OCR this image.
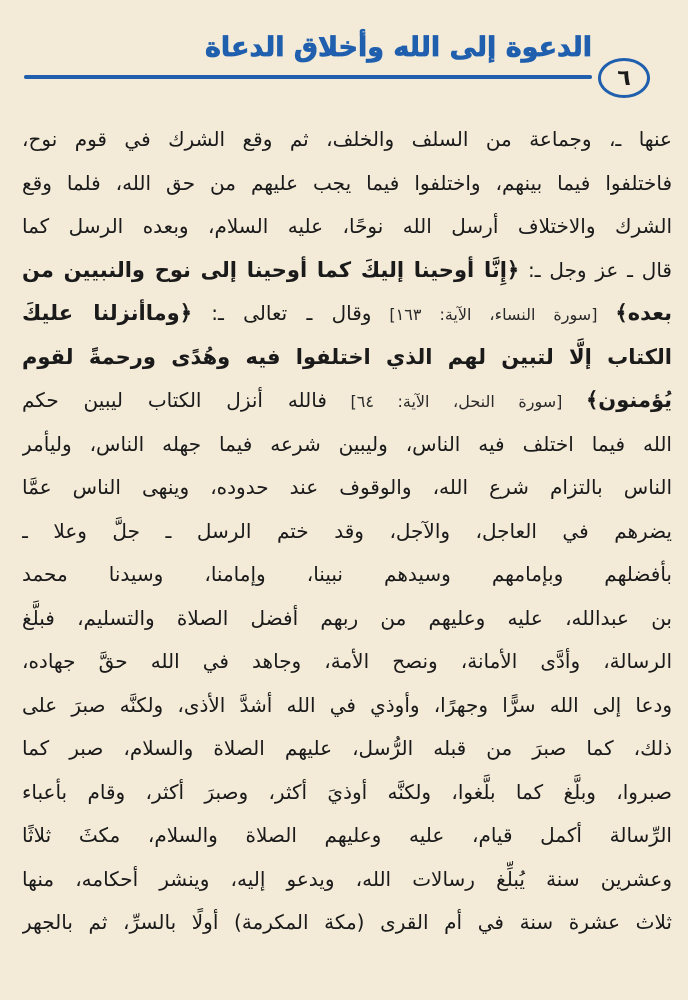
الدعوة إلى الله وأخلاق الدعاة
٦
عنها ـ، وجماعة من السلف والخلف، ثم وقع الشرك في قوم نوح،
فاختلفوا فيما بينهم، واختلفوا فيما يجب عليهم من حق الله، فلما وقع
الشرك والاختلاف أرسل الله نوحًا، عليه السلام، وبعده الرسل كما
قال ـ عز وجل ـ: ﴿إِنَّا أوحينا إليكَ كما أوحينا إلى نوح والنبيين من
بعده﴾ [سورة النساء، الآية: ١٦٣] وقال ـ تعالى ـ: ﴿وماأنزلنا عليكَ
الكتاب إلَّا لتبين لهم الذي اختلفوا فيه وهُدًى ورحمةً لقوم
يُؤمنون﴾ [سورة النحل، الآية: ٦٤] فالله أنزل الكتاب ليبين حكم
الله فيما اختلف فيه الناس، وليبين شرعه فيما جهله الناس، وليأمر
الناس بالتزام شرع الله، والوقوف عند حدوده، وينهى الناس عمَّا
يضرهم في العاجل، والآجل، وقد ختم الرسل ـ جلَّ وعلا ـ
بأفضلهم وبإمامهم وسيدهم نبينا، وإمامنا، وسيدنا محمد
بن عبدالله، عليه وعليهم من ربهم أفضل الصلاة والتسليم، فبلَّغ
الرسالة، وأدَّى الأمانة، ونصح الأمة، وجاهد في الله حقَّ جهاده،
ودعا إلى الله سرًّا وجهرًا، وأوذي في الله أشدَّ الأذى، ولكنَّه صبرَ على
ذلك، كما صبرَ من قبله الرُّسل، عليهم الصلاة والسلام، صبر كما
صبروا، وبلَّغ كما بلَّغوا، ولكنَّه أوذيَ أكثر، وصبرَ أكثر، وقام بأعباء
الرِّسالة أكمل قيام، عليه وعليهم الصلاة والسلام، مكثَ ثلاثًا
وعشرين سنة يُبلِّغ رسالات الله، ويدعو إليه، وينشر أحكامه، منها
ثلاث عشرة سنة في أم القرى (مكة المكرمة) أولًا بالسرِّ، ثم بالجهر
